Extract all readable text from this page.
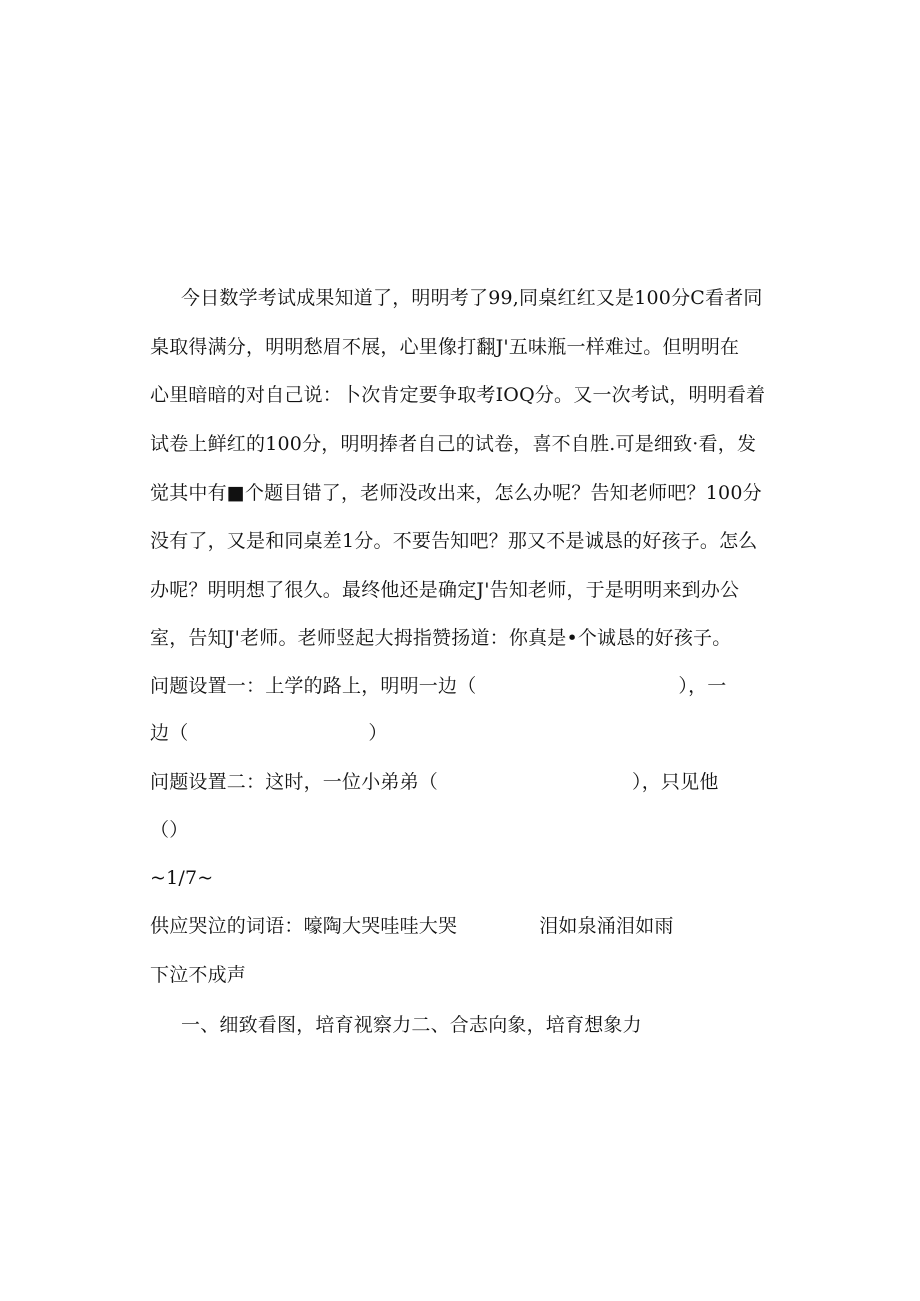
今日数学考试成果知道了，明明考了99,同桌红红又是100分C看者同
臬取得满分，明明愁眉不展，心里像打翻J'五味瓶一样难过。但明明在
心里暗暗的对自己说：卜次肯定要争取考IOQ分。又一次考试，明明看着
试卷上鲜红的100分，明明捧者自己的试卷，喜不自胜.可是细致·看，发
觉其中有■个题目错了，老师没改出来，怎么办呢？告知老师吧？100分
没有了，又是和同桌差1分。不要告知吧？那又不是诚恳的好孩子。怎么
办呢？明明想了很久。最终他还是确定J'告知老师，于是明明来到办公
室，告知J'老师。老师竖起大拇指赞扬道：你真是•个诚恳的好孩子。
问题设置一：上学的路上，明明一边（	），一
边（	）
问题设置二：这时，一位小弟弟（	），只见他
（）
~1/7~
供应哭泣的词语：嚎陶大哭哇哇大哭	泪如泉涌泪如雨
下泣不成声
一、细致看图，培育视察力二、合志向象，培育想象力
